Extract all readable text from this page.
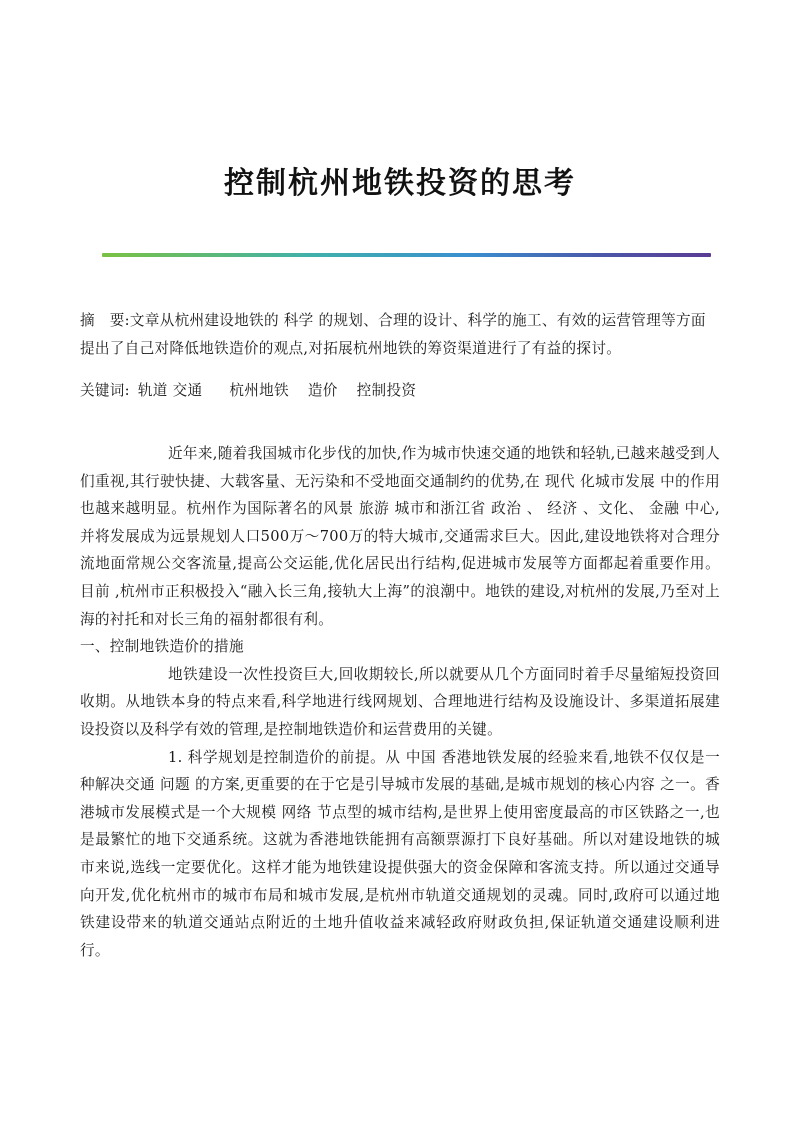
控制杭州地铁投资的思考
摘　要:文章从杭州建设地铁的 科学 的规划、合理的设计、科学的施工、有效的运营管理等方面提出了自己对降低地铁造价的观点,对拓展杭州地铁的筹资渠道进行了有益的探讨。
关键词: 轨道 交通 杭州地铁 造价 控制投资

近年来,随着我国城市化步伐的加快,作为城市快速交通的地铁和轻轨,已越来越受到人们重视,其行驶快捷、大载客量、无污染和不受地面交通制约的优势,在 现代 化城市发展 中的作用也越来越明显。杭州作为国际著名的风景 旅游 城市和浙江省 政治 、 经济 、文化、 金融 中心,并将发展成为远景规划人口500万～700万的特大城市,交通需求巨大。因此,建设地铁将对合理分流地面常规公交客流量,提高公交运能,优化居民出行结构,促进城市发展等方面都起着重要作用。 目前 ,杭州市正积极投入“融入长三角,接轨大上海”的浪潮中。地铁的建设,对杭州的发展,乃至对上海的衬托和对长三角的福射都很有利。

一、控制地铁造价的措施

地铁建设一次性投资巨大,回收期较长,所以就要从几个方面同时着手尽量缩短投资回收期。从地铁本身的特点来看,科学地进行线网规划、合理地进行结构及设施设计、多渠道拓展建设投资以及科学有效的管理,是控制地铁造价和运营费用的关键。

1. 科学规划是控制造价的前提。从 中国 香港地铁发展的经验来看,地铁不仅仅是一种解决交通 问题 的方案,更重要的在于它是引导城市发展的基础,是城市规划的核心内容 之一。香港城市发展模式是一个大规模 网络 节点型的城市结构,是世界上使用密度最高的市区铁路之一,也是最繁忙的地下交通系统。这就为香港地铁能拥有高额票源打下良好基础。所以对建设地铁的城市来说,选线一定要优化。这样才能为地铁建设提供强大的资金保障和客流支持。所以通过交通导向开发,优化杭州市的城市布局和城市发展,是杭州市轨道交通规划的灵魂。同时,政府可以通过地铁建设带来的轨道交通站点附近的土地升值收益来减轻政府财政负担,保证轨道交通建设顺利进行。
